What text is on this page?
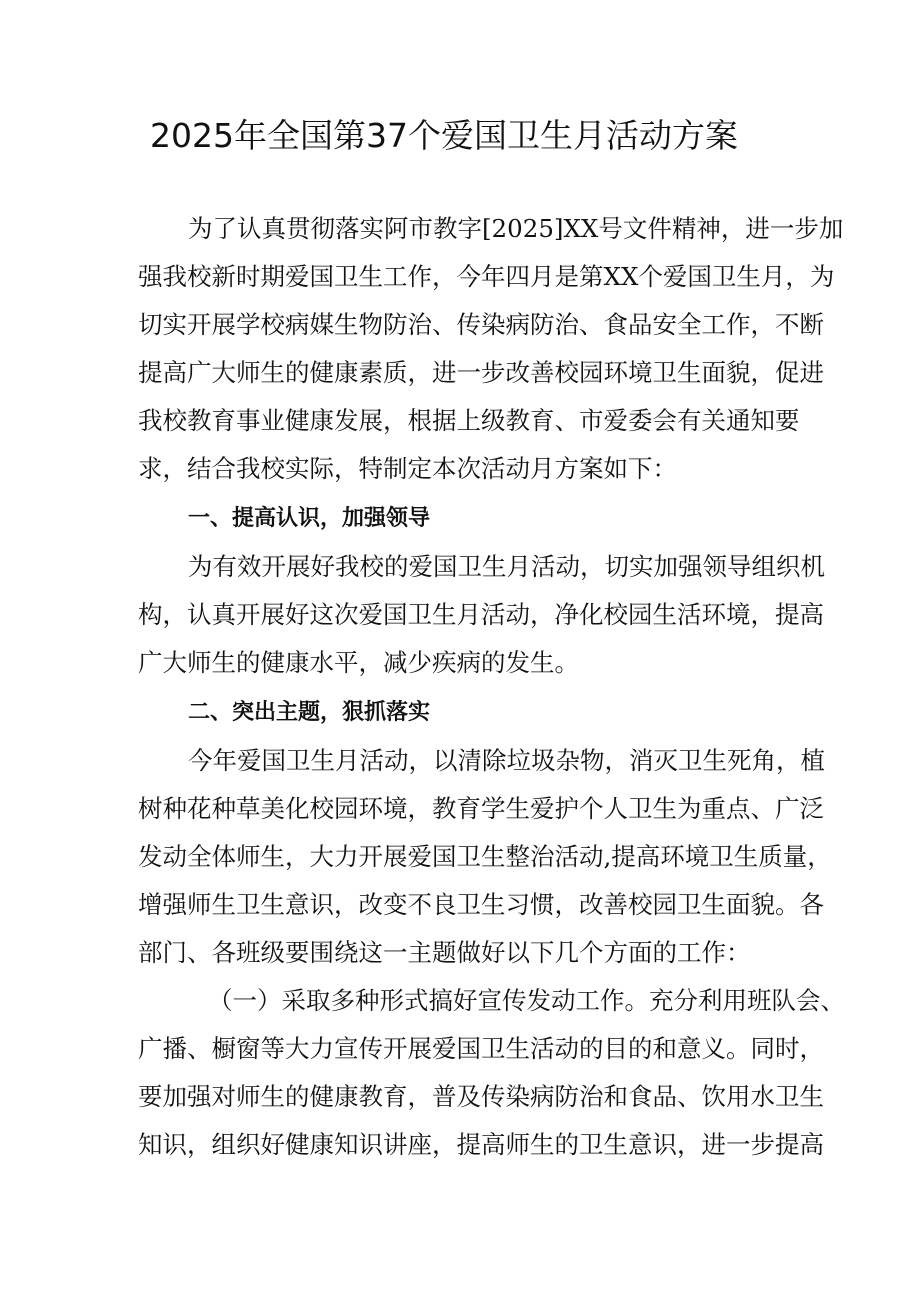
2025年全国第37个爱国卫生月活动方案
为了认真贯彻落实阿市教字[2025]XX号文件精神，进一步加
强我校新时期爱国卫生工作，今年四月是第XX个爱国卫生月，为
切实开展学校病媒生物防治、传染病防治、食品安全工作，不断
提高广大师生的健康素质，进一步改善校园环境卫生面貌，促进
我校教育事业健康发展，根据上级教育、市爱委会有关通知要
求，结合我校实际，特制定本次活动月方案如下：
一、提高认识，加强领导
为有效开展好我校的爱国卫生月活动，切实加强领导组织机
构，认真开展好这次爱国卫生月活动，净化校园生活环境，提高
广大师生的健康水平，减少疾病的发生。
二、突出主题，狠抓落实
今年爱国卫生月活动，以清除垃圾杂物，消灭卫生死角，植
树种花种草美化校园环境，教育学生爱护个人卫生为重点、广泛
发动全体师生，大力开展爱国卫生整治活动,提高环境卫生质量，
增强师生卫生意识，改变不良卫生习惯，改善校园卫生面貌。各
部门、各班级要围绕这一主题做好以下几个方面的工作：
（一）采取多种形式搞好宣传发动工作。充分利用班队会、
广播、橱窗等大力宣传开展爱国卫生活动的目的和意义。同时，
要加强对师生的健康教育，普及传染病防治和食品、饮用水卫生
知识，组织好健康知识讲座，提高师生的卫生意识，进一步提高
